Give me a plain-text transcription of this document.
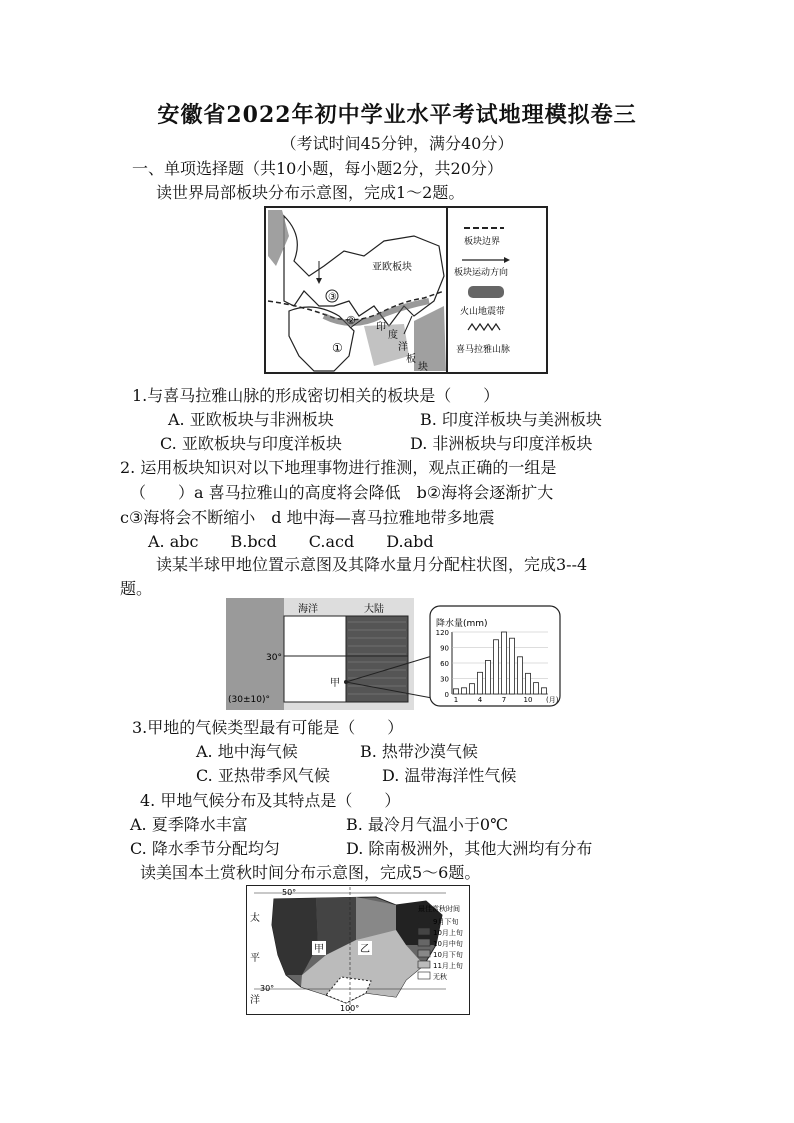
安徽省2022年初中学业水平考试地理模拟卷三
（考试时间45分钟，满分40分）
一、单项选择题（共10小题，每小题2分，共20分）
读世界局部板块分布示意图，完成1～2题。
亚欧板块
③
②
①
印
度
洋
板
块
板块边界
板块运动方向
火山地震带
喜马拉雅山脉
1.与喜马拉雅山脉的形成密切相关的板块是（　　）
A. 亚欧板块与非洲板块	B. 印度洋板块与美洲板块
C. 亚欧板块与印度洋板块	D. 非洲板块与印度洋板块
2. 运用板块知识对以下地理事物进行推测，观点正确的一组是
（　　）a 喜马拉雅山的高度将会降低　b②海将会逐渐扩大
c③海将会不断缩小　d 地中海—喜马拉雅地带多地震
A. abc　　B.bcd　　C.acd　　D.abd
读某半球甲地位置示意图及其降水量月分配柱状图，完成3--4
题。
海洋	大陆
30°
(30±10)°
甲
降水量(mm)
0
30
60
90
120
1	4	7 10 (月)
3.甲地的气候类型最有可能是（　　）
A. 地中海气候	B. 热带沙漠气候
C. 亚热带季风气候	D. 温带海洋性气候
4. 甲地气候分布及其特点是（　　）
A. 夏季降水丰富	B. 最冷月气温小于0℃
C. 降水季节分配均匀	D. 除南极洲外，其他大洲均有分布
读美国本土赏秋时间分布示意图，完成5～6题。
50°
30°
太
平
洋
100°
甲	乙
最佳赏秋时间
9月下旬
10月上旬
10月中旬
10月下旬
11月上旬
无秋
